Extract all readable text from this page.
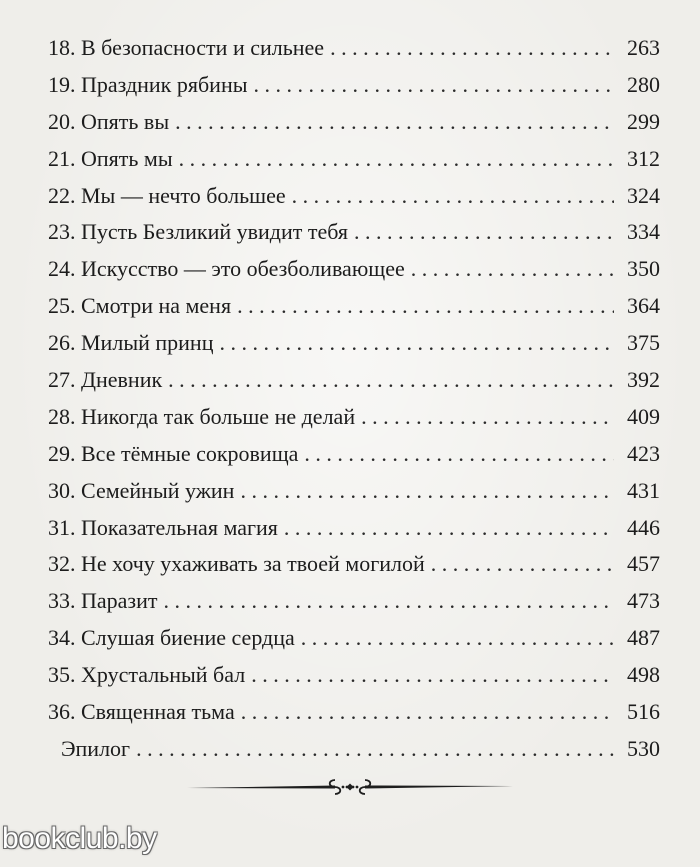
18. В безопасности и сильнее . . .	263
19. Праздник рябины . . .	280
20. Опять вы . . .	299
21. Опять мы . . .	312
22. Мы — нечто большее . . .	324
23. Пусть Безликий увидит тебя . . .	334
24. Искусство — это обезболивающее . . .	350
25. Смотри на меня . . .	364
26. Милый принц . . .	375
27. Дневник . . .	392
28. Никогда так больше не делай . . .	409
29. Все тёмные сокровища . . .	423
30. Семейный ужин . . .	431
31. Показательная магия . . .	446
32. Не хочу ухаживать за твоей могилой . . .	457
33. Паразит . . .	473
34. Слушая биение сердца . . .	487
35. Хрустальный бал . . .	498
36. Священная тьма . . .	516
Эпилог . . .	530
bookclub.by
